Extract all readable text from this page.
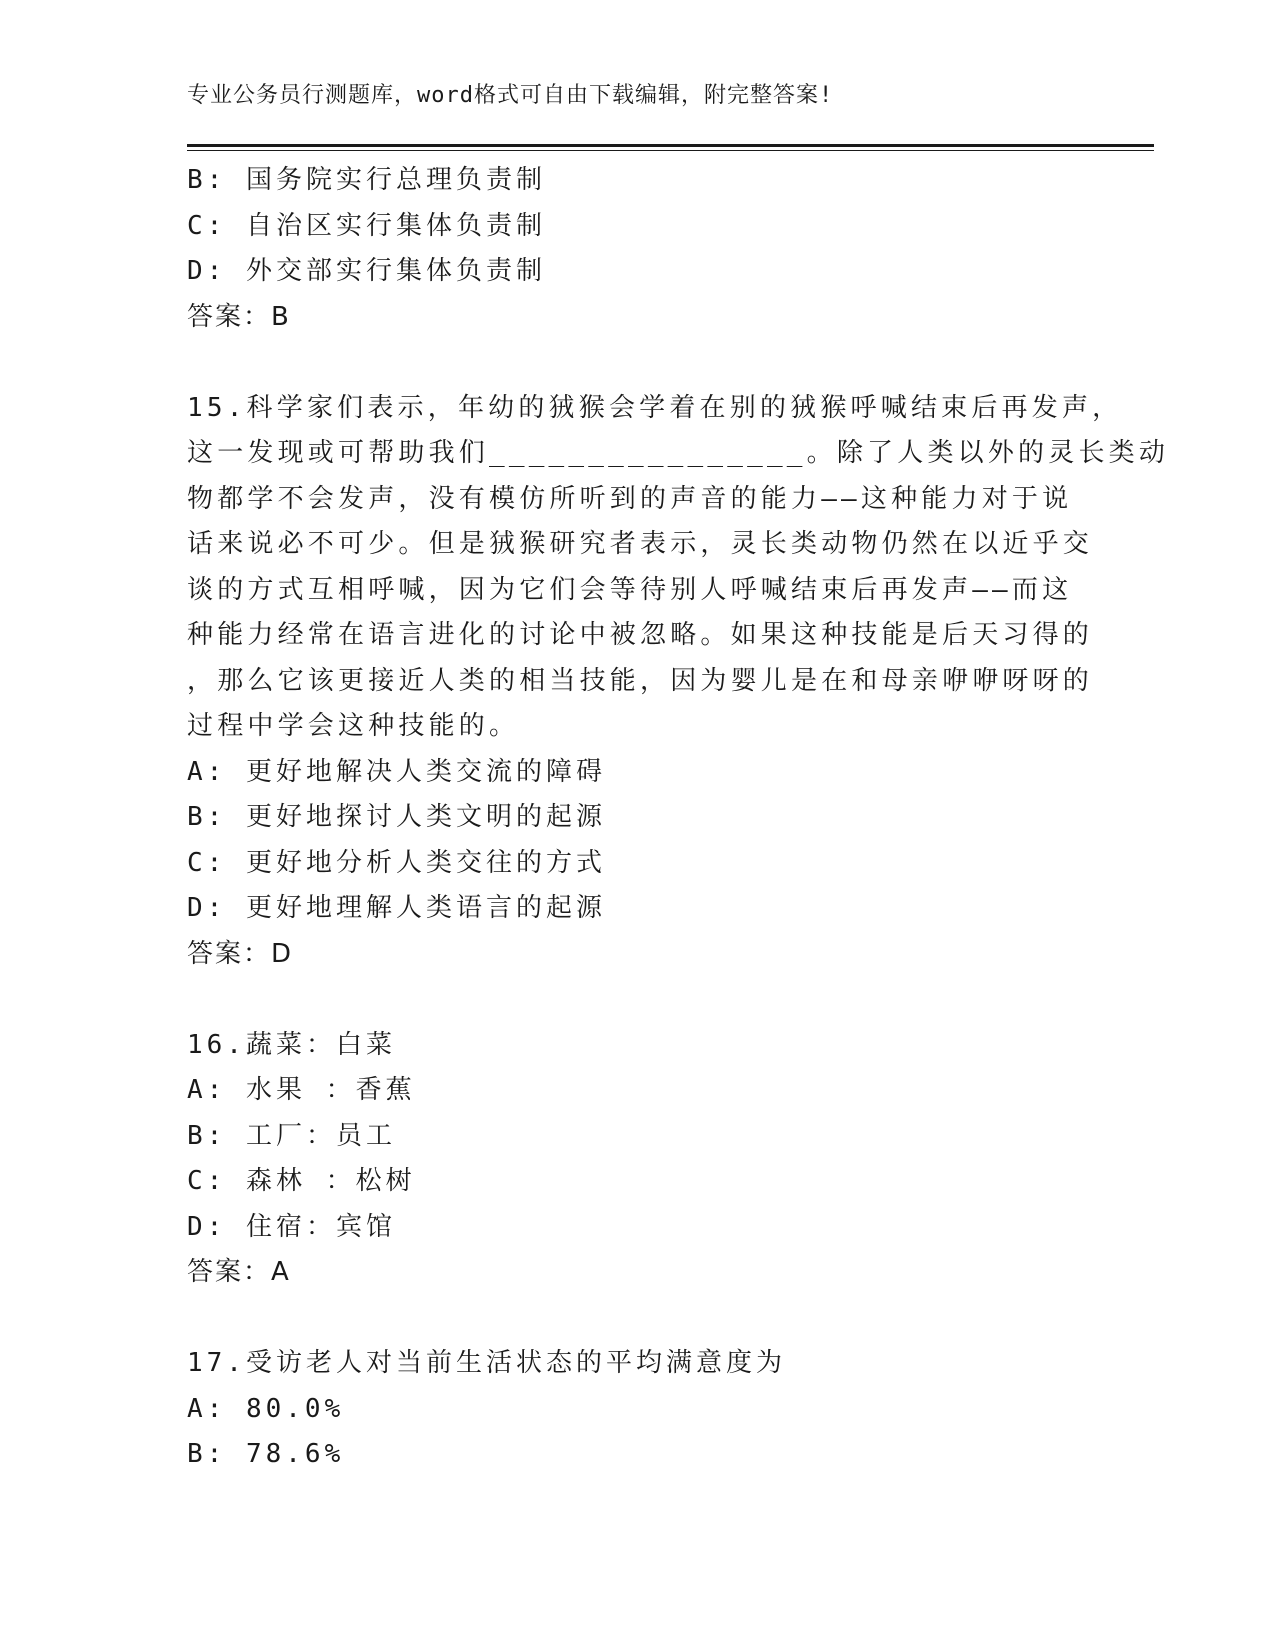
专业公务员行测题库，word格式可自由下载编辑，附完整答案!
B: 国务院实行总理负责制
C: 自治区实行集体负责制
D: 外交部实行集体负责制
答案：B
15.科学家们表示，年幼的狨猴会学着在别的狨猴呼喊结束后再发声，
这一发现或可帮助我们________________。除了人类以外的灵长类动
物都学不会发声，没有模仿所听到的声音的能力——这种能力对于说
话来说必不可少。但是狨猴研究者表示，灵长类动物仍然在以近乎交
谈的方式互相呼喊，因为它们会等待别人呼喊结束后再发声——而这
种能力经常在语言进化的讨论中被忽略。如果这种技能是后天习得的
，那么它该更接近人类的相当技能，因为婴儿是在和母亲咿咿呀呀的
过程中学会这种技能的。
A: 更好地解决人类交流的障碍
B: 更好地探讨人类文明的起源
C: 更好地分析人类交往的方式
D: 更好地理解人类语言的起源
答案：D
16.蔬菜：白菜
A: 水果 ：香蕉
B: 工厂：员工
C: 森林 ：松树
D: 住宿：宾馆
答案：A
17.受访老人对当前生活状态的平均满意度为
A: 80.0%
B: 78.6%
